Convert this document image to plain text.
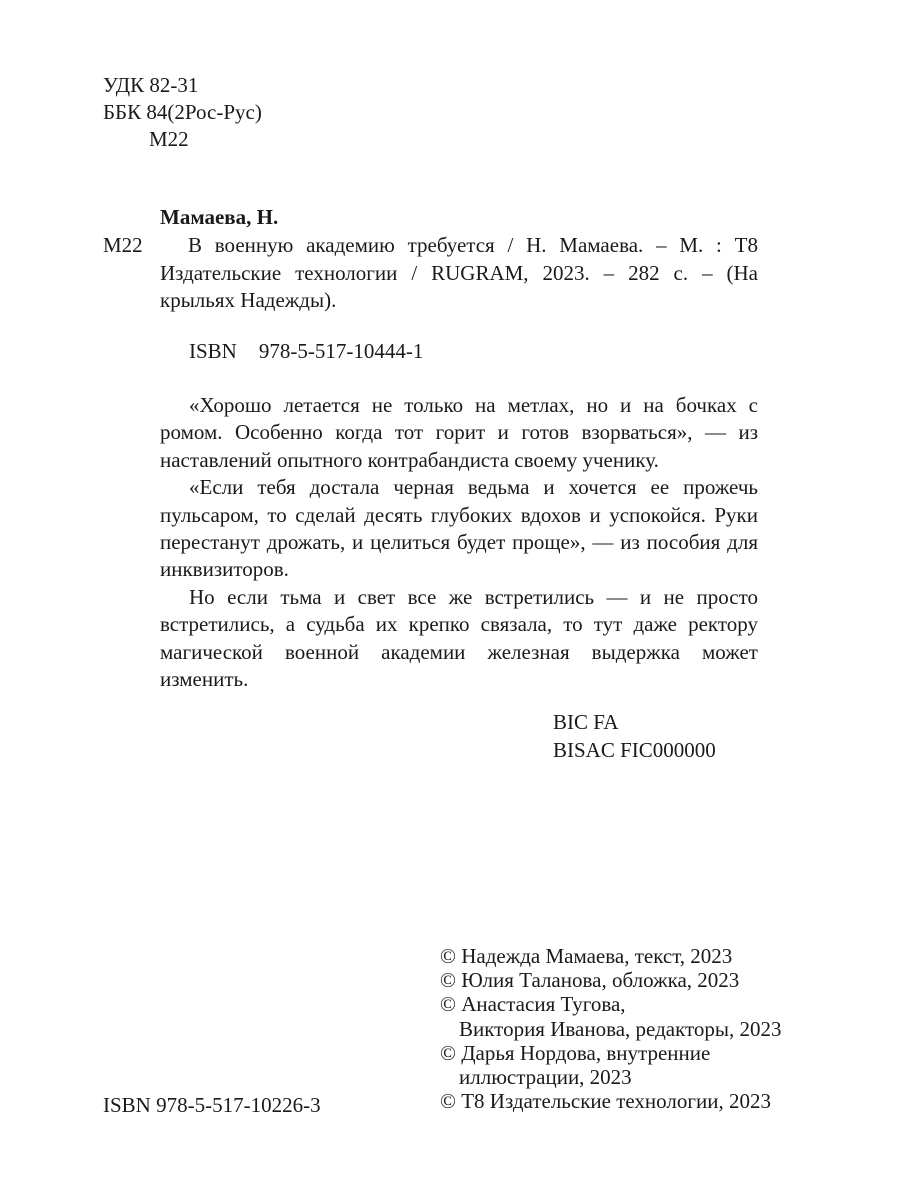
УДК 82-31
ББК 84(2Рос-Рус)
М22
Мамаева, Н.
М22	В военную академию требуется / Н. Мамаева. – М. : Т8 Издательские технологии / RUGRAM, 2023. – 282 с. – (На крыльях Надежды).
ISBN 978-5-517-10444-1

«Хорошо летается не только на метлах, но и на бочках с ромом. Особенно когда тот горит и готов взорваться», — из наставлений опытного контрабандиста своему ученику.

«Если тебя достала черная ведьма и хочется ее прожечь пульсаром, то сделай десять глубоких вдохов и успокойся. Руки перестанут дрожать, и целиться будет проще», — из пособия для инквизиторов.

Но если тьма и свет все же встретились — и не просто встретились, а судьба их крепко связала, то тут даже ректору магической военной академии железная выдержка может изменить.

BIC FA
BISAC FIC000000
© Надежда Мамаева, текст, 2023
© Юлия Таланова, обложка, 2023
© Анастасия Тугова,
Виктория Иванова, редакторы, 2023
© Дарья Нордова, внутренние
иллюстрации, 2023
© Т8 Издательские технологии, 2023
ISBN 978-5-517-10226-3
